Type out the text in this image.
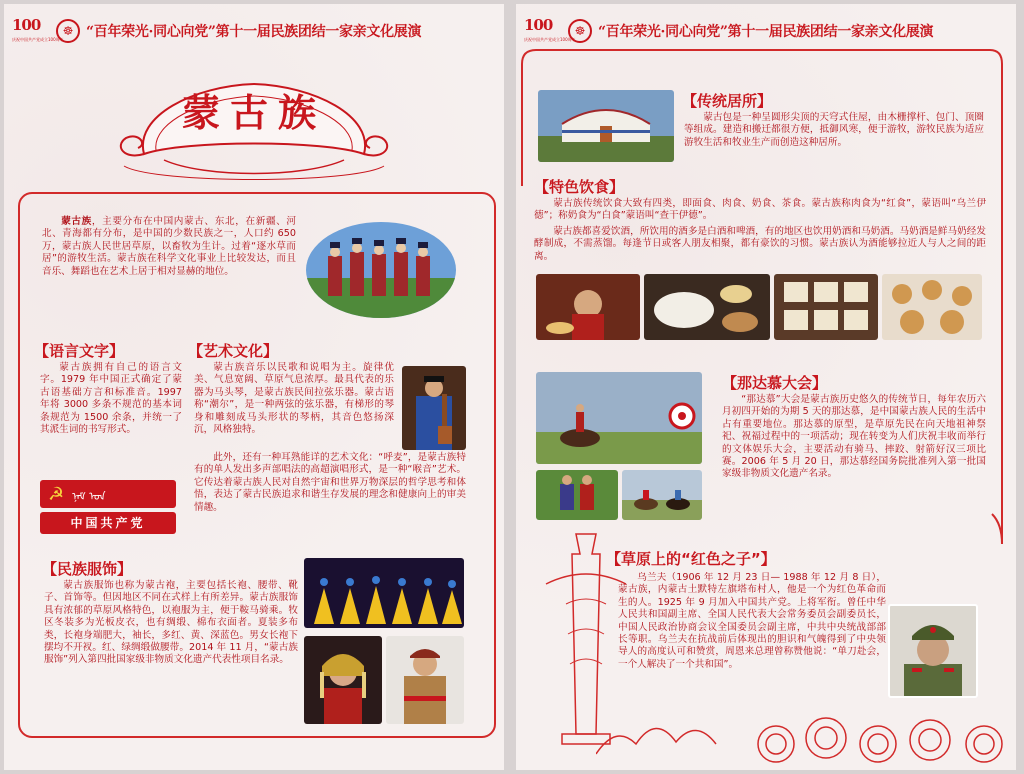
100
庆祝中国共产党成立100周年
☸ “百年荣光·同心向党”第十一届民族团结一家亲文化展演
蒙古族
蒙古族，主要分布在中国内蒙古、东北，在新疆、河北、青海都有分布，是中国的少数民族之一，人口约 650 万，蒙古族人民世居草原，以畜牧为生计。过着“逐水草而居”的游牧生活。蒙古族在科学文化事业上比较发达，而且音乐、舞蹈也在艺术上居于相对显赫的地位。
【语言文字】
蒙古族拥有自己的语言文字。1979 年中国正式确定了蒙古语基础方言和标准音。1997 年将 3000 多条不规范的基本词条规范为 1500 余条，并统一了其派生词的书写形式。
☭ ᠨᠠᠮ ᠤᠨ
中国共产党
【艺术文化】
蒙古族音乐以民歌和说唱为主。旋律优美、气息宽阔、草原气息浓厚。最具代表的乐器为马头琴，是蒙古族民间拉弦乐器。蒙古语称“潮尔”，是一种两弦的弦乐器，有梯形的琴身和雕刻成马头形状的琴柄，其音色悠扬深沉，风格独特。
此外，还有一种耳熟能详的艺术文化：“呼麦”，是蒙古族特有的单人发出多声部唱法的高超演唱形式，是一种“喉音”艺术。它传达着蒙古族人民对自然宇宙和世界万物深层的哲学思考和体悟，表达了蒙古民族追求和谐生存发展的理念和健康向上的审美情趣。
【民族服饰】
蒙古族服饰也称为蒙古袍，主要包括长袍、腰带、靴子、首饰等。但因地区不同在式样上有所差异。蒙古族服饰具有浓郁的草原风格特色，以袍服为主，便于鞍马骑乘。牧区冬装多为光板皮衣，也有绸缎、棉布衣面者。夏装多布类，长袍身端肥大，袖长，多红、黄、深蓝色。男女长袍下摆均不开衩。红、绿绸缎做腰带。2014 年 11 月，“蒙古族服饰”列入第四批国家级非物质文化遗产代表性项目名录。
100
庆祝中国共产党成立100周年
☸ “百年荣光·同心向党”第十一届民族团结一家亲文化展演
【传统居所】
蒙古包是一种呈圆形尖顶的天穹式住屋，由木栅撑杆、包门、顶圈等组成。建造和搬迁都很方便，抵御风寒，便于游牧，游牧民族为适应游牧生活和牧业生产而创造这种居所。
【特色饮食】
蒙古族传统饮食大致有四类，即面食、肉食、奶食、茶食。蒙古族称肉食为“红食”，蒙语叫“乌兰伊德”；称奶食为“白食”蒙语叫“查干伊德”。
蒙古族都喜爱饮酒，所饮用的酒多是白酒和啤酒，有的地区也饮用奶酒和马奶酒。马奶酒是鲜马奶经发酵制成，不需蒸馏。每逢节日或客人朋友相聚，都有豪饮的习惯。蒙古族认为酒能够拉近人与人之间的距离。
【那达慕大会】
“那达慕”大会是蒙古族历史悠久的传统节日，每年农历六月初四开始的为期 5 天的那达慕，是中国蒙古族人民的生活中占有重要地位。那达慕的原型，是草原先民在向天地祖神祭祀、祝福过程中的一项活动；现在转变为人们庆祝丰收而举行的文体娱乐大会，主要活动有骑马、摔跤、射箭好汉三项比赛。2006 年 5 月 20 日，那达慕经国务院批准列入第一批国家级非物质文化遗产名录。
【草原上的“红色之子”】
乌兰夫（1906 年 12 月 23 日— 1988 年 12 月 8 日），蒙古族，内蒙古土默特左旗塔布村人，他是一个为红色革命而生的人。1925 年 9 月加入中国共产党。上将军衔。曾任中华人民共和国副主席、全国人民代表大会常务委员会副委员长，中国人民政治协商会议全国委员会副主席，中共中央统战部部长等职。乌兰夫在抗战前后体现出的胆识和气魄得到了中央领导人的高度认可和赞赏，周恩来总理曾称赞他说：“单刀赴会，一个人解决了一个共和国”。
